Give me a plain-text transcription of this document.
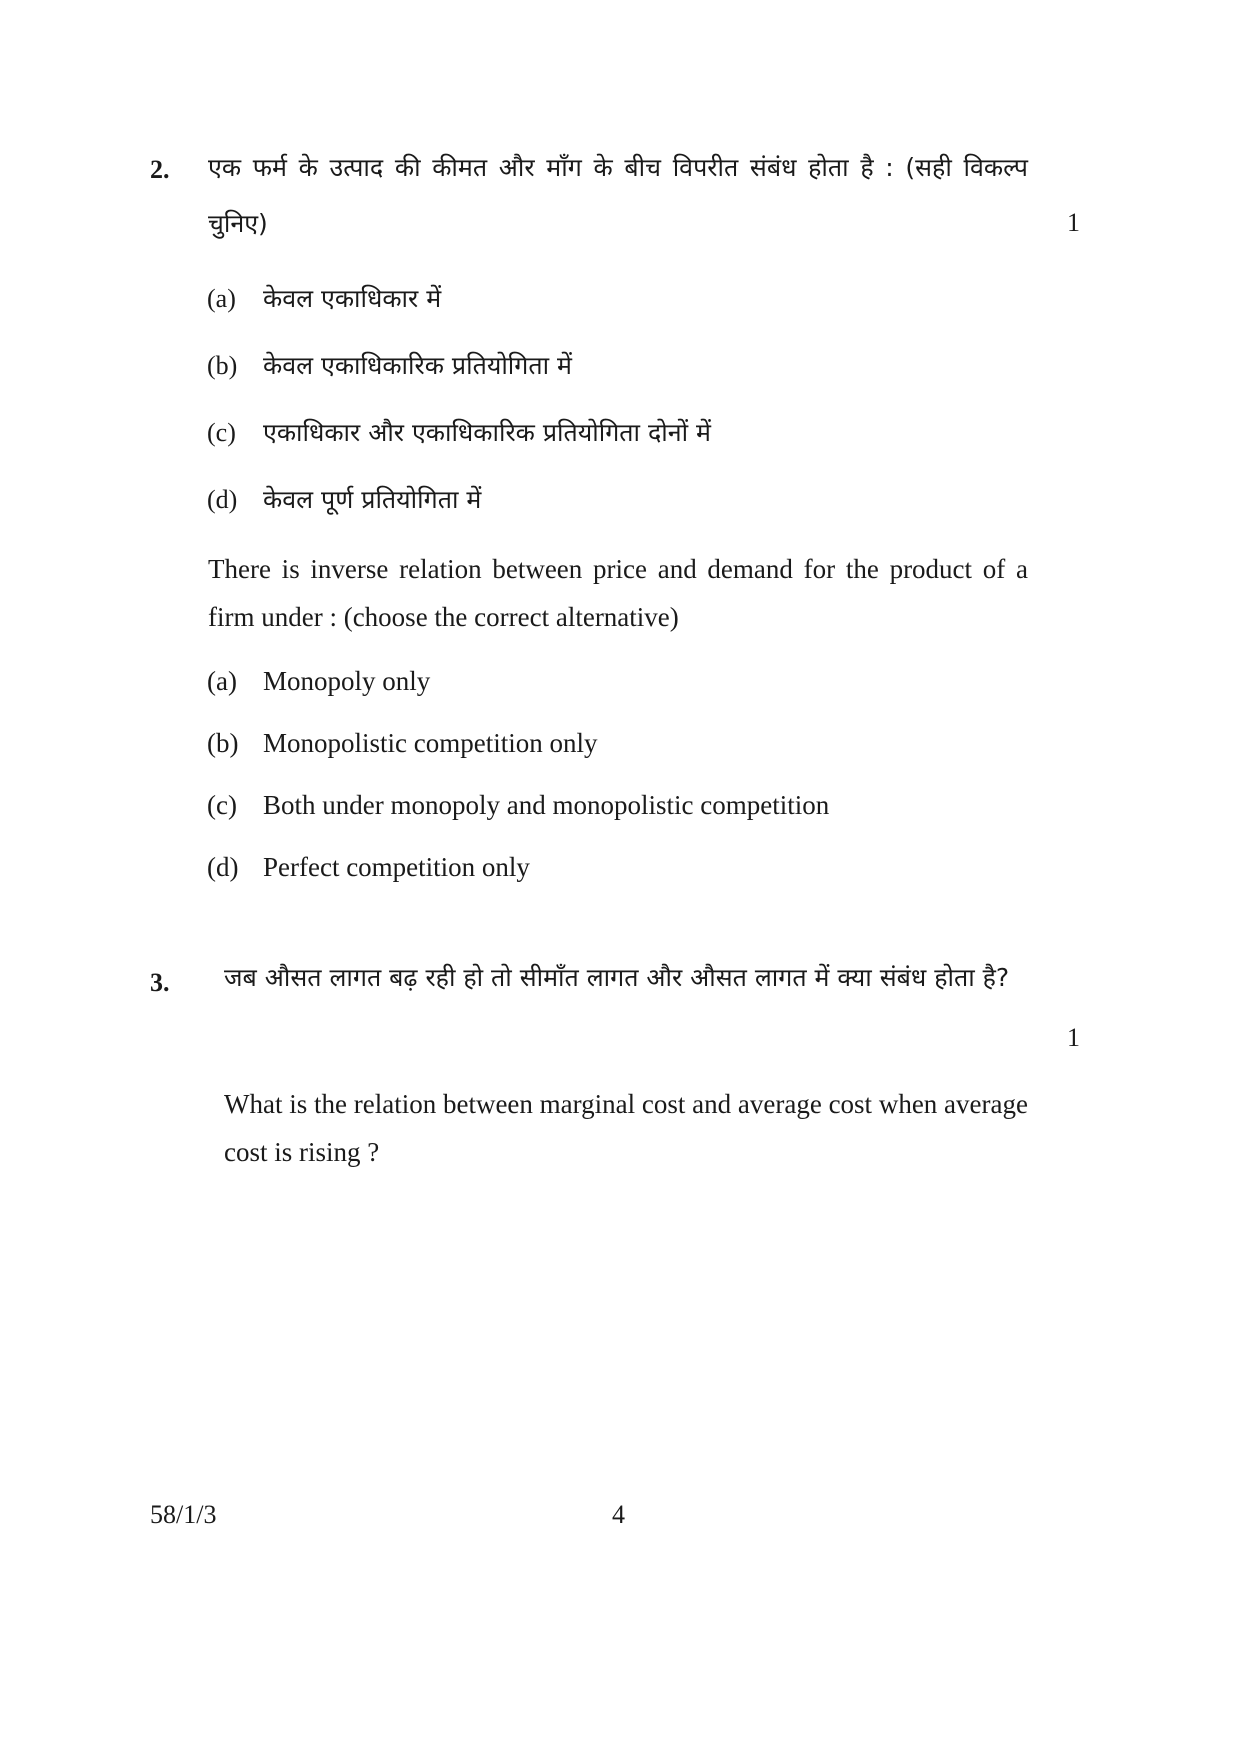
2. एक फर्म के उत्पाद की कीमत और माँग के बीच विपरीत संबंध होता है : (सही विकल्प चुनिए)	1
(a) केवल एकाधिकार में
(b) केवल एकाधिकारिक प्रतियोगिता में
(c) एकाधिकार और एकाधिकारिक प्रतियोगिता दोनों में
(d) केवल पूर्ण प्रतियोगिता में
There is inverse relation between price and demand for the product of a firm under : (choose the correct alternative)
(a) Monopoly only
(b) Monopolistic competition only
(c) Both under monopoly and monopolistic competition
(d) Perfect competition only
3. जब औसत लागत बढ़ रही हो तो सीमाँत लागत और औसत लागत में क्या संबंध होता है?
1
What is the relation between marginal cost and average cost when average cost is rising ?
58/1/3	4
